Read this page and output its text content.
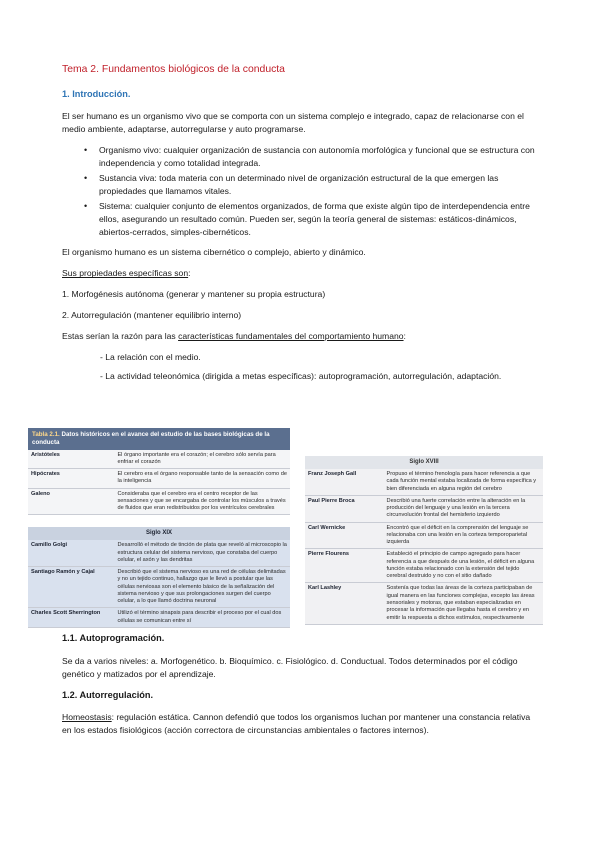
Tema 2. Fundamentos biológicos de la conducta
1. Introducción.
El ser humano es un organismo vivo que se comporta con un sistema complejo e integrado, capaz de relacionarse con el medio ambiente, adaptarse, autorregularse y auto programarse.
• Organismo vivo: cualquier organización de sustancia con autonomía morfológica y funcional que se estructura con independencia y como totalidad integrada.
• Sustancia viva: toda materia con un determinado nivel de organización estructural de la que emergen las propiedades que llamamos vitales.
• Sistema: cualquier conjunto de elementos organizados, de forma que existe algún tipo de interdependencia entre ellos, asegurando un resultado común. Pueden ser, según la teoría general de sistemas: estáticos-dinámicos, abiertos-cerrados, simples-cibernéticos.
El organismo humano es un sistema cibernético o complejo, abierto y dinámico.
Sus propiedades específicas son:
1. Morfogénesis autónoma (generar y mantener su propia estructura)
2. Autorregulación (mantener equilibrio interno)
Estas serían la razón para las características fundamentales del comportamiento humano:
- La relación con el medio.
- La actividad teleonómica (dirigida a metas específicas): autoprogramación, autorregulación, adaptación.
Tabla 2.1. Datos históricos en el avance del estudio de las bases biológicas de la conducta
Aristóteles	El órgano importante era el corazón; el cerebro sólo servía para enfriar el corazón
Hipócrates	El cerebro era el órgano responsable tanto de la sensación como de la inteligencia
Galeno	Consideraba que el cerebro era el centro receptor de las sensaciones y que se encargaba de controlar los músculos a través de fluidos que eran redistribuidos por los ventrículos cerebrales
Siglo XIX
Camillo Golgi	Desarrolló el método de tinción de plata que reveló al microscopio la estructura celular del sistema nervioso, que constaba del cuerpo celular, el axón y las dendritas
Santiago Ramón y Cajal	Describió que el sistema nervioso es una red de células delimitadas y no un tejido continuo, hallazgo que le llevó a postular que las células nerviosas son el elemento básico de la señalización del sistema nervioso y que sus prolongaciones surgen del cuerpo celular, a lo que llamó doctrina neuronal
Charles Scott Sherrington	Utilizó el término sinapsis para describir el proceso por el cual dos células se comunican entre sí
Siglo XVIII
Franz Joseph Gall	Propuso el término frenología para hacer referencia a que cada función mental estaba localizada de forma específica y bien diferenciada en alguna región del cerebro
Paul Pierre Broca	Describió una fuerte correlación entre la alteración en la producción del lenguaje y una lesión en la tercera circunvolución frontal del hemisferio izquierdo
Carl Wernicke	Encontró que el déficit en la comprensión del lenguaje se relacionaba con una lesión en la corteza temporoparietal izquierda
Pierre Flourens	Estableció el principio de campo agregado para hacer referencia a que después de una lesión, el déficit en alguna función estaba relacionado con la extensión del tejido cerebral destruido y no con el sitio dañado
Karl Lashley	Sostenía que todas las áreas de la corteza participaban de igual manera en las funciones complejas, excepto las áreas sensoriales y motoras, que estaban especializadas en procesar la información que llegaba hasta el cerebro y en emitir la respuesta a dichos estímulos, respectivamente
1.1. Autoprogramación.
Se da a varios niveles: a. Morfogenético. b. Bioquímico. c. Fisiológico. d. Conductual. Todos determinados por el código genético y matizados por el aprendizaje.
1.2. Autorregulación.
Homeostasis: regulación estática. Cannon defendió que todos los organismos luchan por mantener una constancia relativa en los estados fisiológicos (acción correctora de circunstancias ambientales o factores internos).
